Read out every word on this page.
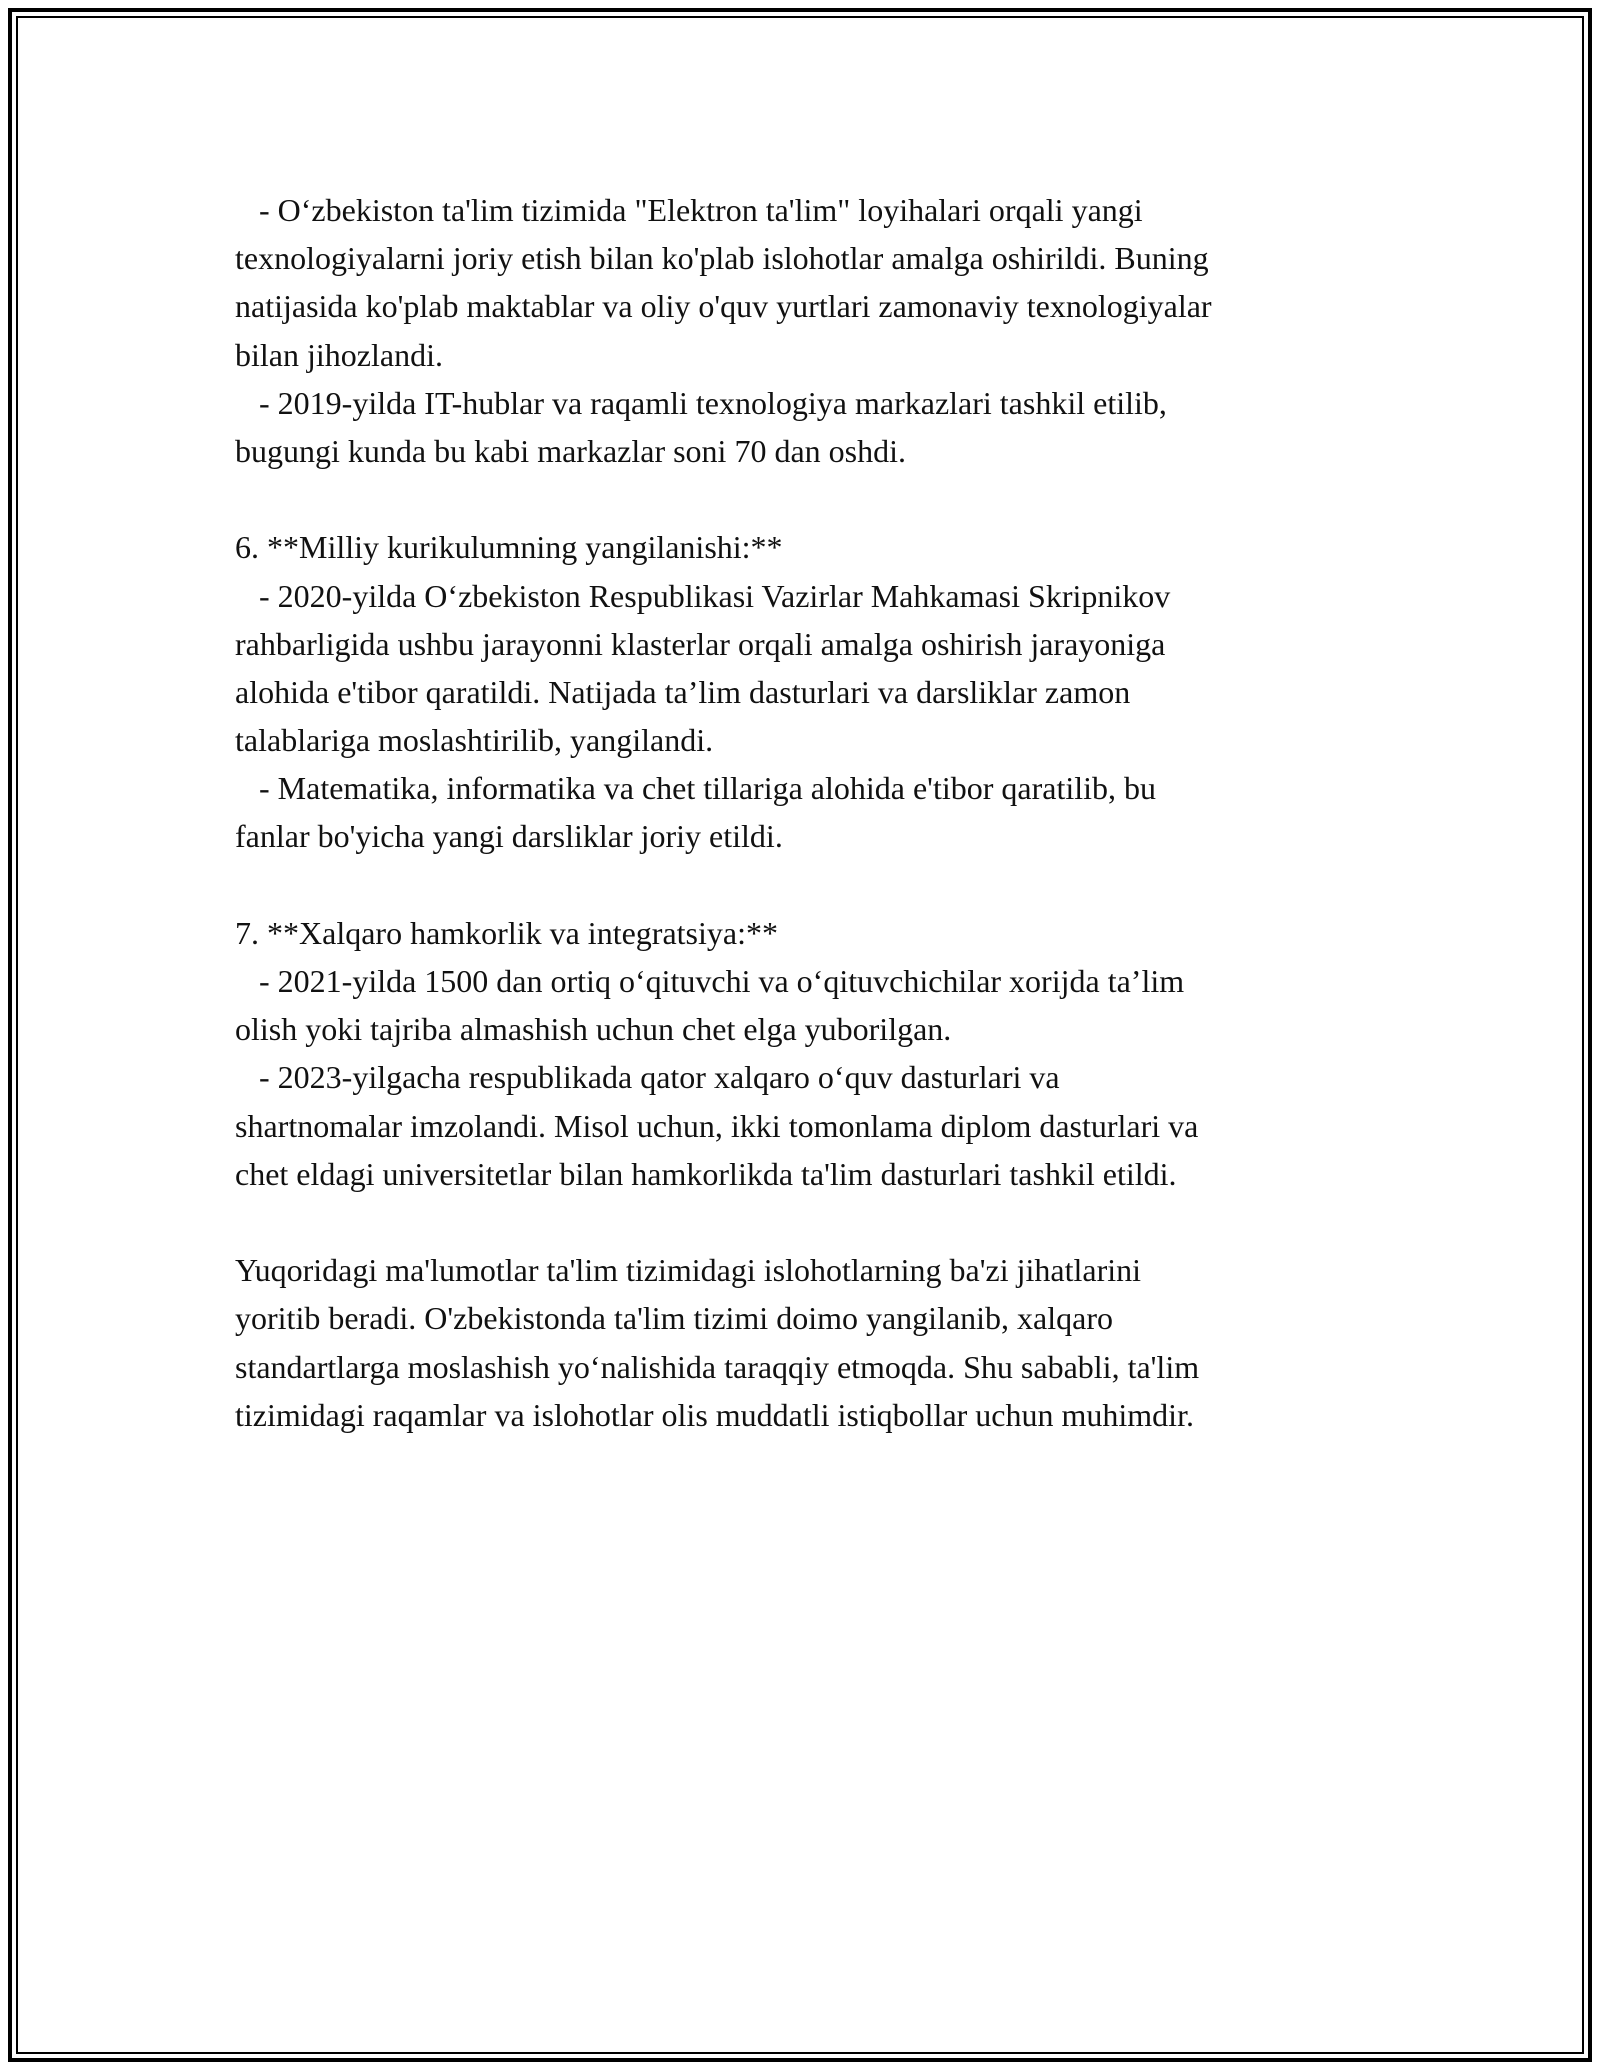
- O‘zbekiston ta'lim tizimida "Elektron ta'lim" loyihalari orqali yangi
texnologiyalarni joriy etish bilan ko'plab islohotlar amalga oshirildi. Buning
natijasida ko'plab maktablar va oliy o'quv yurtlari zamonaviy texnologiyalar
bilan jihozlandi.
- 2019-yilda IT-hublar va raqamli texnologiya markazlari tashkil etilib,
bugungi kunda bu kabi markazlar soni 70 dan oshdi.
6. **Milliy kurikulumning yangilanishi:**
- 2020-yilda O‘zbekiston Respublikasi Vazirlar Mahkamasi Skripnikov
rahbarligida ushbu jarayonni klasterlar orqali amalga oshirish jarayoniga
alohida e'tibor qaratildi. Natijada ta’lim dasturlari va darsliklar zamon
talablariga moslashtirilib, yangilandi.
- Matematika, informatika va chet tillariga alohida e'tibor qaratilib, bu
fanlar bo'yicha yangi darsliklar joriy etildi.
7. **Xalqaro hamkorlik va integratsiya:**
- 2021-yilda 1500 dan ortiq o‘qituvchi va o‘qituvchichilar xorijda ta’lim
olish yoki tajriba almashish uchun chet elga yuborilgan.
- 2023-yilgacha respublikada qator xalqaro o‘quv dasturlari va
shartnomalar imzolandi. Misol uchun, ikki tomonlama diplom dasturlari va
chet eldagi universitetlar bilan hamkorlikda ta'lim dasturlari tashkil etildi.
Yuqoridagi ma'lumotlar ta'lim tizimidagi islohotlarning ba'zi jihatlarini
yoritib beradi. O'zbekistonda ta'lim tizimi doimo yangilanib, xalqaro
standartlarga moslashish yo‘nalishida taraqqiy etmoqda. Shu sababli, ta'lim
tizimidagi raqamlar va islohotlar olis muddatli istiqbollar uchun muhimdir.
